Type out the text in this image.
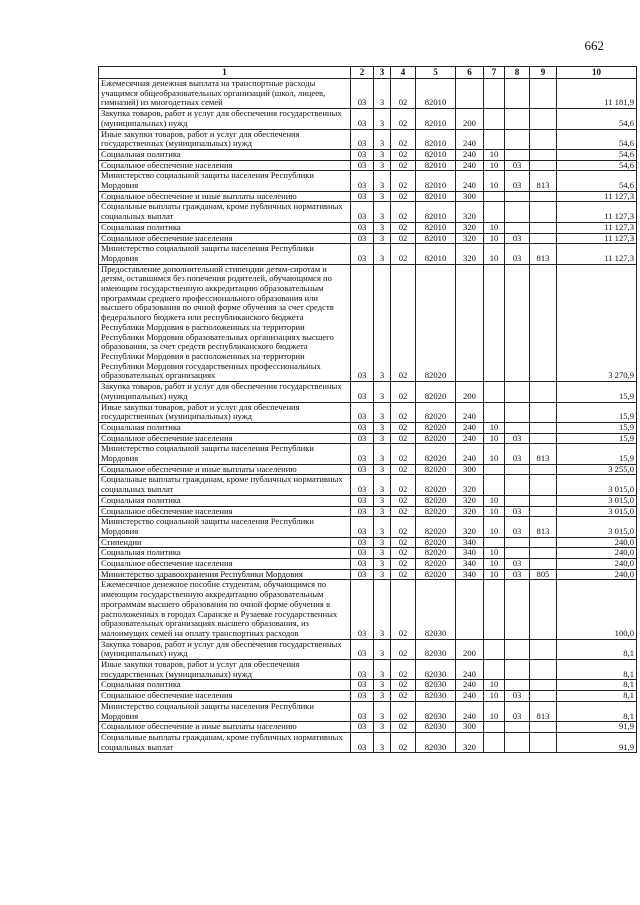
662
1	2	3	4	5	6	7	8	9	10
Ежемесячная денежная выплата на транспортные расходы учащимся общеобразовательных организаций (школ, лицеев, гимназий) из многодетных семей	03	3	02	82010					11 181,9
Закупка товаров, работ и услуг для обеспечения государственных (муниципальных) нужд	03	3	02	82010	200				54,6
Иные закупки товаров, работ и услуг для обеспечения государственных (муниципальных) нужд	03	3	02	82010	240				54,6
Социальная политика	03	3	02	82010	240	10			54,6
Социальное обеспечение населения	03	3	02	82010	240	10	03		54,6
Министерство социальной защиты населения Республики Мордовия	03	3	02	82010	240	10	03	813	54,6
Социальное обеспечение и иные выплаты населению	03	3	02	82010	300				11 127,3
Социальные выплаты гражданам, кроме публичных нормативных социальных выплат	03	3	02	82010	320				11 127,3
Социальная политика	03	3	02	82010	320	10			11 127,3
Социальное обеспечение населения	03	3	02	82010	320	10	03		11 127,3
Министерство социальной защиты населения Республики Мордовия	03	3	02	82010	320	10	03	813	11 127,3
Предоставление дополнительной стипендии детям-сиротам и детям, оставшимся без попечения родителей, обучающимся по имеющим государственную аккредитацию образовательным программам среднего профессионального образования или высшего образования по очной форме обучения за счет средств федерального бюджета или республиканского бюджета Республики Мордовия в расположенных на территории Республики Мордовия образовательных организациях высшего образования, за счет средств республиканского бюджета Республики Мордовия в расположенных на территории Республики Мордовия государственных профессиональных образовательных организациях	03	3	02	82020					3 270,9
Закупка товаров, работ и услуг для обеспечения государственных (муниципальных) нужд	03	3	02	82020	200				15,9
Иные закупки товаров, работ и услуг для обеспечения государственных (муниципальных) нужд	03	3	02	82020	240				15,9
Социальная политика	03	3	02	82020	240	10			15,9
Социальное обеспечение населения	03	3	02	82020	240	10	03		15,9
Министерство социальной защиты населения Республики Мордовия	03	3	02	82020	240	10	03	813	15,9
Социальное обеспечение и иные выплаты населению	03	3	02	82020	300				3 255,0
Социальные выплаты гражданам, кроме публичных нормативных социальных выплат	03	3	02	82020	320				3 015,0
Социальная политика	03	3	02	82020	320	10			3 015,0
Социальное обеспечение населения	03	3	02	82020	320	10	03		3 015,0
Министерство социальной защиты населения Республики Мордовия	03	3	02	82020	320	10	03	813	3 015,0
Стипендии	03	3	02	82020	340				240,0
Социальная политика	03	3	02	82020	340	10			240,0
Социальное обеспечение населения	03	3	02	82020	340	10	03		240,0
Министерство здравоохранения Республики Мордовия	03	3	02	82020	340	10	03	805	240,0
Ежемесячное денежное пособие студентам, обучающимся по имеющим государственную аккредитацию образовательным программам высшего образования по очной форме обучения в расположенных в городах Саранске и Рузаевке государственных образовательных организациях высшего образования, из малоимущих семей на оплату транспортных расходов	03	3	02	82030					100,0
Закупка товаров, работ и услуг для обеспечения государственных (муниципальных) нужд	03	3	02	82030	200				8,1
Иные закупки товаров, работ и услуг для обеспечения государственных (муниципальных) нужд	03	3	02	82030	240				8,1
Социальная политика	03	3	02	82030	240	10			8,1
Социальное обеспечение населения	03	3	02	82030	240	10	03		8,1
Министерство социальной защиты населения Республики Мордовия	03	3	02	82030	240	10	03	813	8,1
Социальное обеспечение и иные выплаты населению	03	3	02	82030	300				91,9
Социальные выплаты гражданам, кроме публичных нормативных социальных выплат	03	3	02	82030	320				91,9
